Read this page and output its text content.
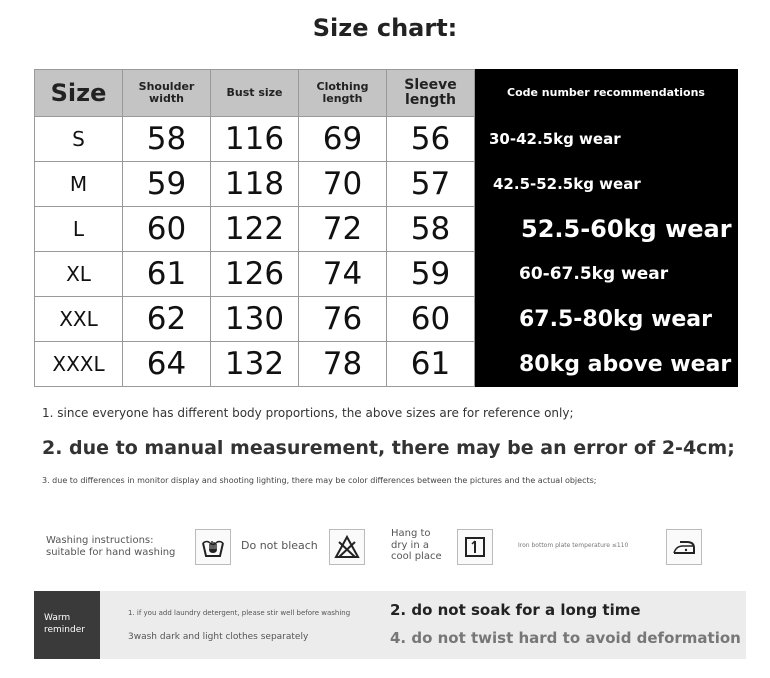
Size chart:
Size	Shoulder width	Bust size	Clothing length	Sleeve length	Code number recommendations
S	58	116	69	56	30-42.5kg wear
M	59	118	70	57	42.5-52.5kg wear
L	60	122	72	58	52.5-60kg wear
XL	61	126	74	59	60-67.5kg wear
XXL	62	130	76	60	67.5-80kg wear
XXXL	64	132	78	61	80kg above wear
1. since everyone has different body proportions, the above sizes are for reference only;
2. due to manual measurement, there may be an error of 2-4cm;
3. due to differences in monitor display and shooting lighting, there may be color differences between the pictures and the actual objects;
Washing instructions:
suitable for hand washing	Do not bleach
Hang to
dry in a
cool place
Iron bottom plate temperature ≤110
Warm
reminder
1. if you add laundry detergent, please stir well before washing
3wash dark and light clothes separately
2. do not soak for a long time
4. do not twist hard to avoid deformation
